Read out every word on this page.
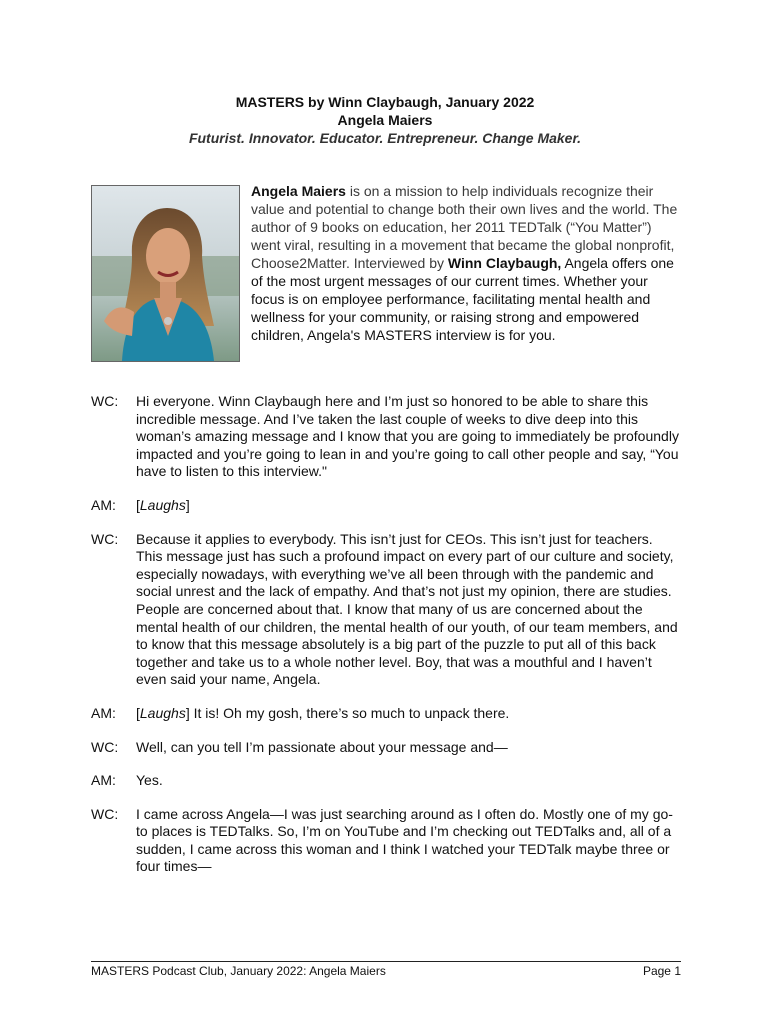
MASTERS by Winn Claybaugh, January 2022
Angela Maiers
Futurist. Innovator. Educator. Entrepreneur. Change Maker.
Angela Maiers is on a mission to help individuals recognize their value and potential to change both their own lives and the world. The author of 9 books on education, her 2011 TEDTalk (“You Matter”) went viral, resulting in a movement that became the global nonprofit, Choose2Matter. Interviewed by Winn Claybaugh, Angela offers one of the most urgent messages of our current times. Whether your focus is on employee performance, facilitating mental health and wellness for your community, or raising strong and empowered children, Angela's MASTERS interview is for you.
WC:	Hi everyone. Winn Claybaugh here and I’m just so honored to be able to share this incredible message. And I’ve taken the last couple of weeks to dive deep into this woman’s amazing message and I know that you are going to immediately be profoundly impacted and you’re going to lean in and you’re going to call other people and say, “You have to listen to this interview."
AM:	[Laughs]
WC:	Because it applies to everybody. This isn’t just for CEOs. This isn’t just for teachers. This message just has such a profound impact on every part of our culture and society, especially nowadays, with everything we’ve all been through with the pandemic and social unrest and the lack of empathy. And that’s not just my opinion, there are studies. People are concerned about that. I know that many of us are concerned about the mental health of our children, the mental health of our youth, of our team members, and to know that this message absolutely is a big part of the puzzle to put all of this back together and take us to a whole nother level. Boy, that was a mouthful and I haven’t even said your name, Angela.
AM:	[Laughs] It is! Oh my gosh, there’s so much to unpack there.
WC:	Well, can you tell I’m passionate about your message and—
AM:	Yes.
WC:	I came across Angela—I was just searching around as I often do. Mostly one of my go-to places is TEDTalks. So, I’m on YouTube and I’m checking out TEDTalks and, all of a sudden, I came across this woman and I think I watched your TEDTalk maybe three or four times—
MASTERS Podcast Club, January 2022: Angela Maiers	Page 1
